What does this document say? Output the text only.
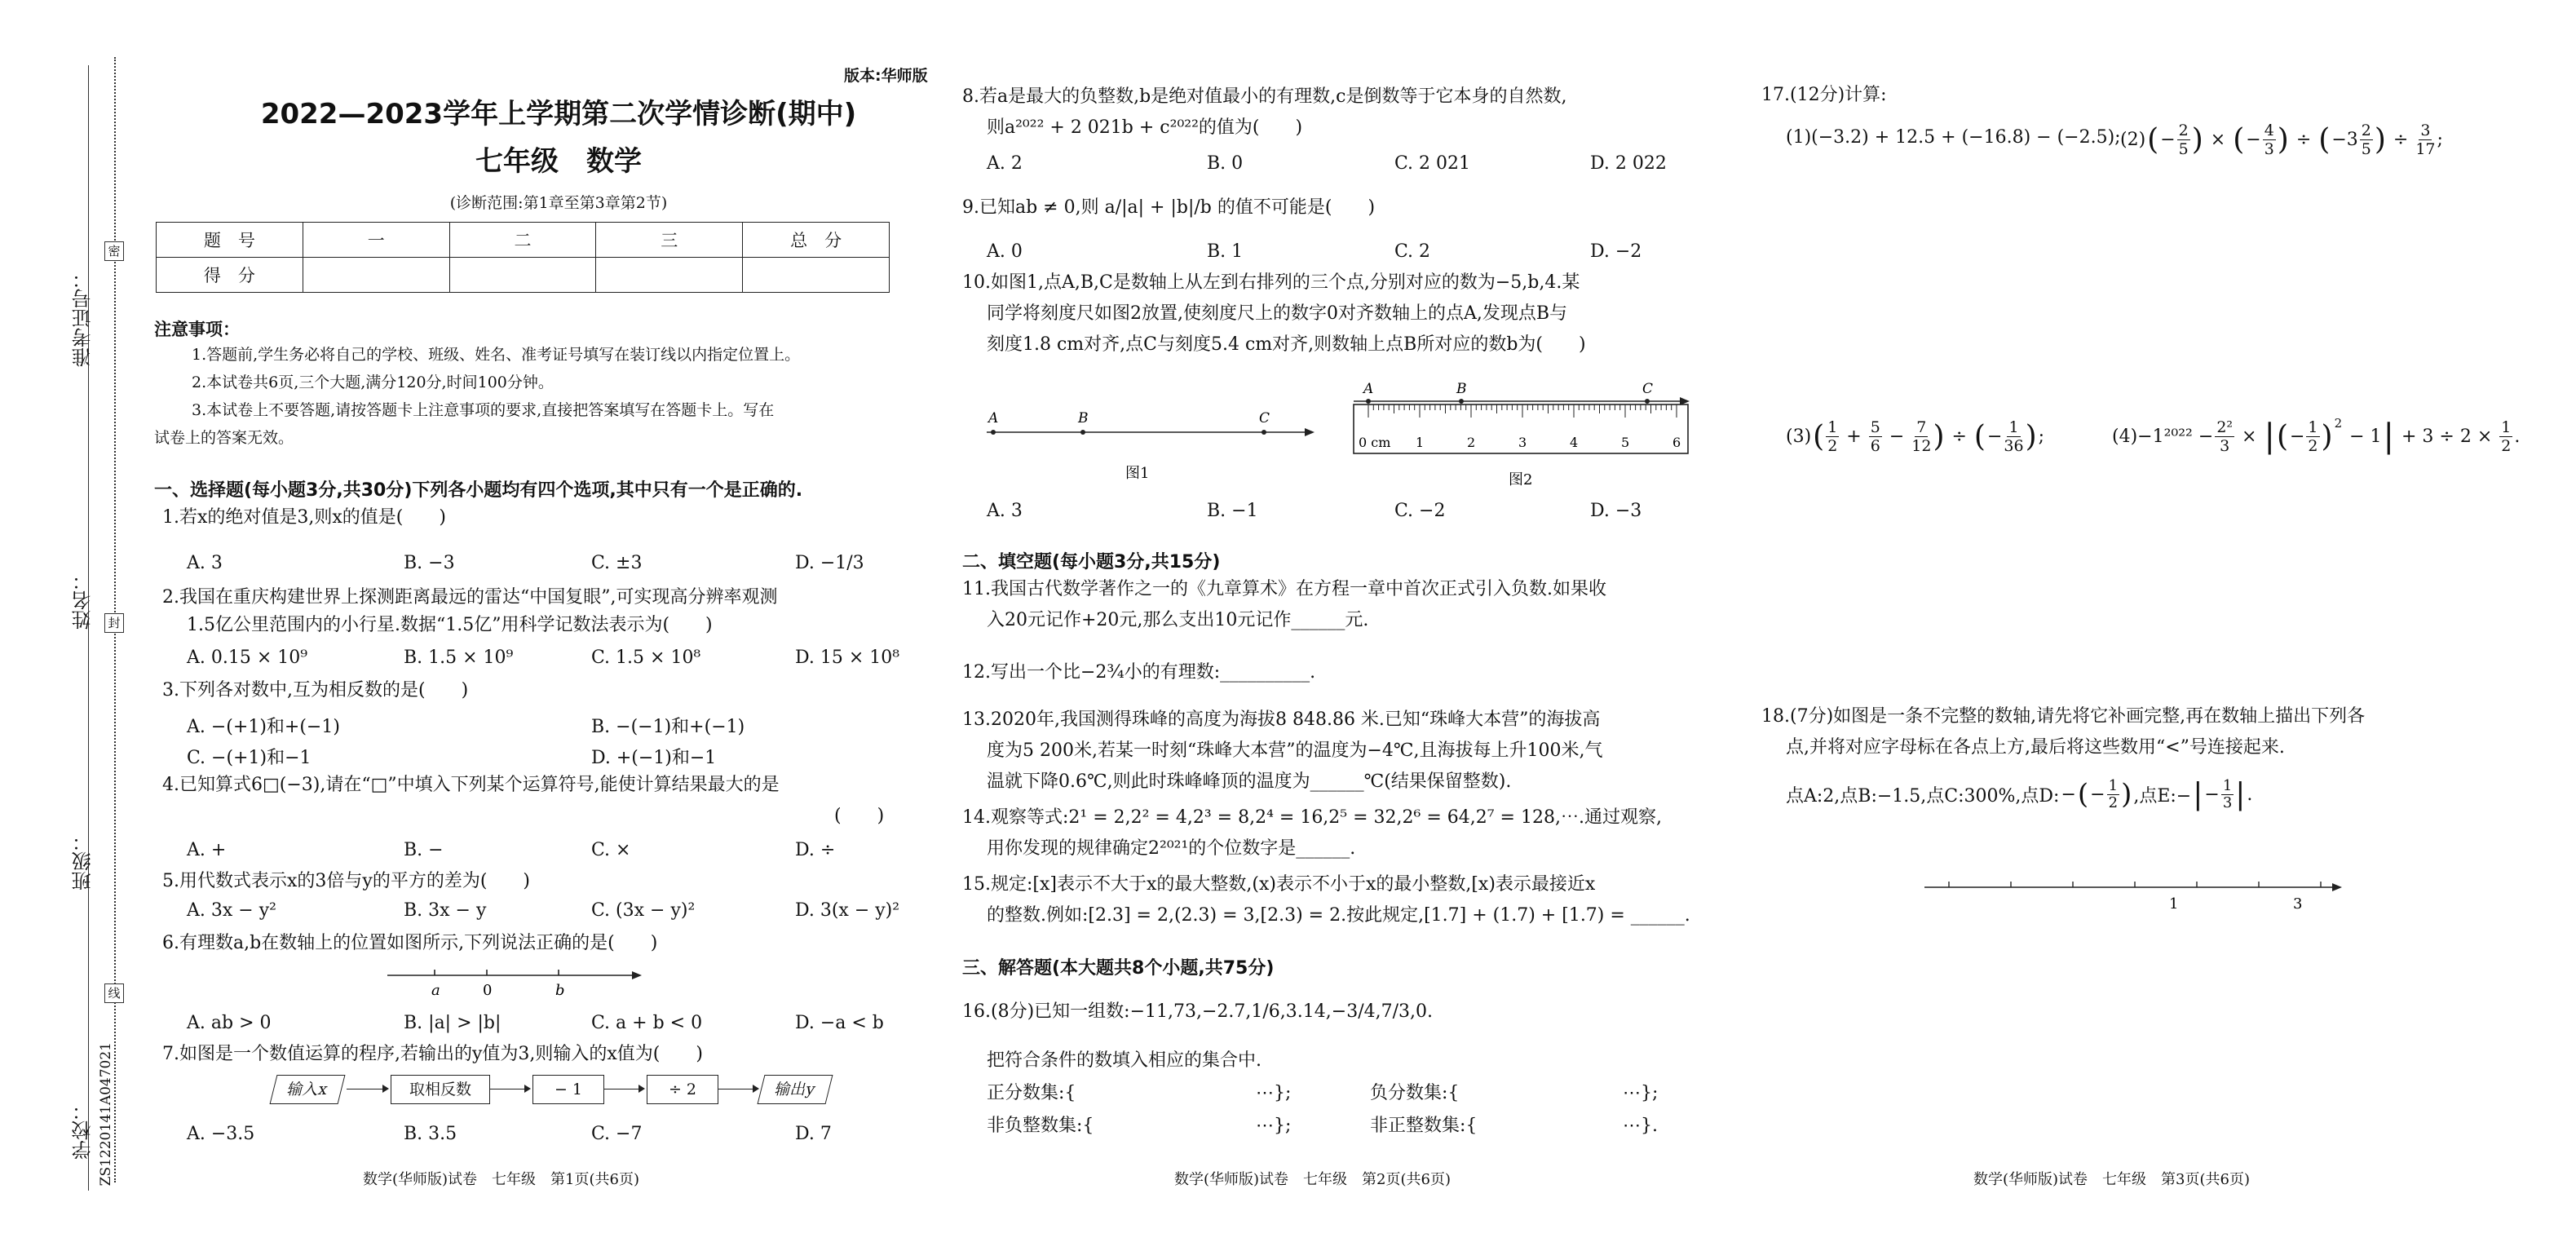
准考证号：
姓名：
班级：
学校：
密
封
线
ZS1220141A047021
版本:华师版
2022—2023学年上学期第二次学情诊断(期中)
七年级　数学
(诊断范围:第1章至第3章第2节)
题　号	一	二	三	总　分
得　分				
注意事项：
1.答题前,学生务必将自己的学校、班级、姓名、准考证号填写在装订线以内指定位置上。
2.本试卷共6页,三个大题,满分120分,时间100分钟。
3.本试卷上不要答题,请按答题卡上注意事项的要求,直接把答案填写在答题卡上。写在
试卷上的答案无效。
一、选择题(每小题3分,共30分)下列各小题均有四个选项,其中只有一个是正确的.
1.若x的绝对值是3,则x的值是(　　)
A. 3	B. −3	C. ±3	D. −1/3
2.我国在重庆构建世界上探测距离最远的雷达“中国复眼”,可实现高分辨率观测
1.5亿公里范围内的小行星.数据“1.5亿”用科学记数法表示为(　　)
A. 0.15 × 10⁹	B. 1.5 × 10⁹	C. 1.5 × 10⁸	D. 15 × 10⁸
3.下列各对数中,互为相反数的是(　　)
A. −(+1)和+(−1)	B. −(−1)和+(−1)
C. −(+1)和−1	D. +(−1)和−1
4.已知算式6□(−3),请在“□”中填入下列某个运算符号,能使计算结果最大的是
(　　)
A. +	B. −	C. ×	D. ÷
5.用代数式表示x的3倍与y的平方的差为(　　)
A. 3x − y²	B. 3x − y	C. (3x − y)²	D. 3(x − y)²
6.有理数a,b在数轴上的位置如图所示,下列说法正确的是(　　)
a	0	b
A. ab > 0	B. |a| > |b|	C. a + b < 0	D. −a < b
7.如图是一个数值运算的程序,若输出的y值为3,则输入的x值为(　　)
输入x	取相反数	− 1	÷ 2	输出y
A. −3.5	B. 3.5	C. −7	D. 7
数学(华师版)试卷　七年级　第1页(共6页)
8.若a是最大的负整数,b是绝对值最小的有理数,c是倒数等于它本身的自然数,
则a²⁰²² + 2 021b + c²⁰²²的值为(　　)
A. 2	B. 0	C. 2 021	D. 2 022
9.已知ab ≠ 0,则 a/|a| + |b|/b 的值不可能是(　　)
A. 0	B. 1	C. 2	D. −2
10.如图1,点A,B,C是数轴上从左到右排列的三个点,分别对应的数为−5,b,4.某
同学将刻度尺如图2放置,使刻度尺上的数字0对齐数轴上的点A,发现点B与
刻度1.8 cm对齐,点C与刻度5.4 cm对齐,则数轴上点B所对应的数b为(　　)
A	B	C
图1
A	B	C
0 cm 1	2	3	4	5	6
图2
A. 3	B. −1	C. −2	D. −3
二、填空题(每小题3分,共15分)
11.我国古代数学著作之一的《九章算术》在方程一章中首次正式引入负数.如果收
入20元记作+20元,那么支出10元记作______元.
12.写出一个比−2¾小的有理数:__________.
13.2020年,我国测得珠峰的高度为海拔8 848.86 米.已知“珠峰大本营”的海拔高
度为5 200米,若某一时刻“珠峰大本营”的温度为−4℃,且海拔每上升100米,气
温就下降0.6℃,则此时珠峰峰顶的温度为______℃(结果保留整数).
14.观察等式:2¹ = 2,2² = 4,2³ = 8,2⁴ = 16,2⁵ = 32,2⁶ = 64,2⁷ = 128,⋯.通过观察,
用你发现的规律确定2²⁰²¹的个位数字是______.
15.规定:[x]表示不大于x的最大整数,(x)表示不小于x的最小整数,[x)表示最接近x
的整数.例如:[2.3] = 2,(2.3) = 3,[2.3) = 2.按此规定,[1.7] + (1.7) + [1.7) = ______.
三、解答题(本大题共8个小题,共75分)
16.(8分)已知一组数:−11,73,−2.7,1/6,3.14,−3/4,7/3,0.
把符合条件的数填入相应的集合中.
正分数集:{	⋯};	负分数集:{	⋯};
非负整数集:{	⋯};	非正整数集:{	⋯}.
数学(华师版)试卷　七年级　第2页(共6页)
17.(12分)计算:
(1)(−3.2) + 12.5 + (−16.8) − (−2.5); (2) ( − $\frac{2}{5}$ ) × ( − $\frac{4}{3}$ ) ÷ ( −3 2
5 ) ÷ $\frac{3}{17}$ ;
(3) ( 1
$2 + \frac{5}{6} - \frac{7}{12}$ ) ÷ ( − $\frac{1}{36}$ ) ;	$(4)-1^{2022} - \frac{\text{2²}}{3}$ × | ( − $\frac{1}{2}$ ) 2
− 1 | + $3 \div 2 \times \frac{1}{2}$ .
18.(7分)如图是一条不完整的数轴,请先将它补画完整,再在数轴上描出下列各
点,并将对应字母标在各点上方,最后将这些数用“<”号连接起来.
点A:2,点B:−1.5,点C:300%,点D: − ( − $\frac{1}{2}$ ) ,点E:− | − $\frac{1}{3}$ | .
1	3
数学(华师版)试卷　七年级　第3页(共6页)
